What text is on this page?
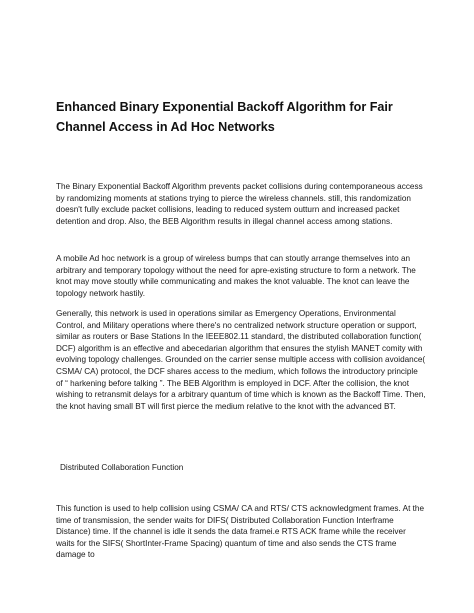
Enhanced Binary Exponential Backoff Algorithm for Fair Channel Access in Ad Hoc Networks

The Binary Exponential Backoff Algorithm prevents packet collisions during contemporaneous access by randomizing moments at stations trying to pierce the wireless channels. still, this randomization doesn't fully exclude packet collisions, leading to reduced system outturn and increased packet detention and drop. Also, the BEB Algorithm results in illegal channel access among stations.

A mobile Ad hoc network is a group of wireless bumps that can stoutly arrange themselves into an arbitrary and temporary topology without the need for apre-existing structure to form a network. The knot may move stoutly while communicating and makes the knot valuable. The knot can leave the topology network hastily.

Generally, this network is used in operations similar as Emergency Operations, Environmental Control, and Military operations where there's no centralized network structure operation or support, similar as routers or Base Stations In the IEEE802.11 standard, the distributed collaboration function( DCF) algorithm is an effective and abecedarian algorithm that ensures the stylish MANET comity with evolving topology challenges. Grounded on the carrier sense multiple access with collision avoidance( CSMA/ CA) protocol, the DCF shares access to the medium, which follows the introductory principle of “ harkening before talking ”. The BEB Algorithm is employed in DCF. After the collision, the knot wishing to retransmit delays for a arbitrary quantum of time which is known as the Backoff Time. Then, the knot having small BT will first pierce the medium relative to the knot with the advanced BT.

Distributed Collaboration Function

This function is used to help collision using CSMA/ CA and RTS/ CTS acknowledgment frames. At the time of transmission, the sender waits for DIFS( Distributed Collaboration Function Interframe Distance) time. If the channel is idle it sends the data framei.e RTS ACK frame while the receiver waits for the SIFS( ShortInter-Frame Spacing) quantum of time and also sends the CTS frame damage to
